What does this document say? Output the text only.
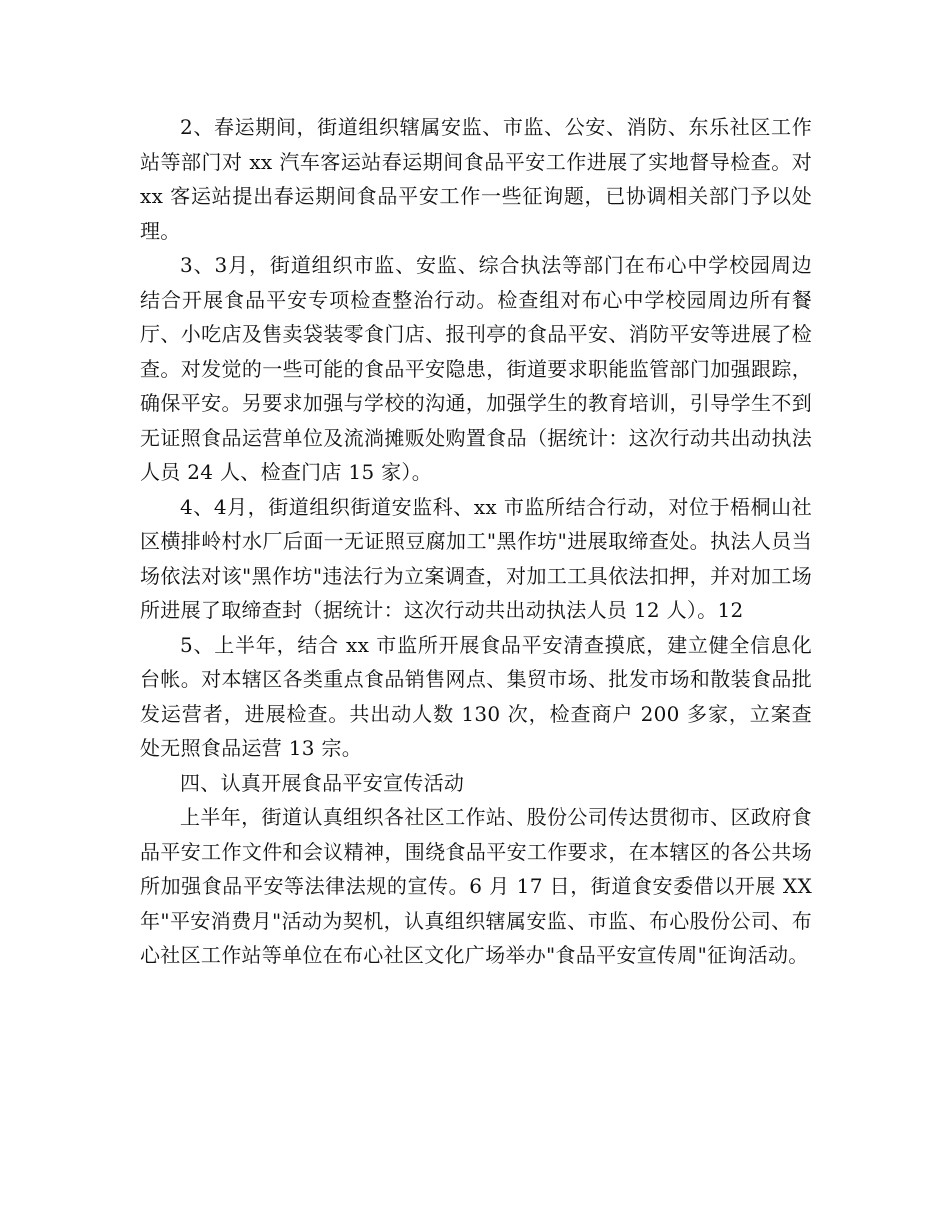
2、春运期间，街道组织辖属安监、市监、公安、消防、东乐社区工作站等部门对 xx 汽车客运站春运期间食品平安工作进展了实地督导检查。对 xx 客运站提出春运期间食品平安工作一些征询题，已协调相关部门予以处理。

3、3月，街道组织市监、安监、综合执法等部门在布心中学校园周边结合开展食品平安专项检查整治行动。检查组对布心中学校园周边所有餐厅、小吃店及售卖袋装零食门店、报刊亭的食品平安、消防平安等进展了检查。对发觉的一些可能的食品平安隐患，街道要求职能监管部门加强跟踪，确保平安。另要求加强与学校的沟通，加强学生的教育培训，引导学生不到无证照食品运营单位及流淌摊贩处购置食品（据统计：这次行动共出动执法人员 24 人、检查门店 15 家）。

4、4月，街道组织街道安监科、xx 市监所结合行动，对位于梧桐山社区横排岭村水厂后面一无证照豆腐加工"黑作坊"进展取缔查处。执法人员当场依法对该"黑作坊"违法行为立案调查，对加工工具依法扣押，并对加工场所进展了取缔查封（据统计：这次行动共出动执法人员 12 人）。12

5、上半年，结合 xx 市监所开展食品平安清查摸底，建立健全信息化台帐。对本辖区各类重点食品销售网点、集贸市场、批发市场和散装食品批发运营者，进展检查。共出动人数 130 次，检查商户 200 多家，立案查处无照食品运营 13 宗。

四、认真开展食品平安宣传活动

上半年，街道认真组织各社区工作站、股份公司传达贯彻市、区政府食品平安工作文件和会议精神，围绕食品平安工作要求，在本辖区的各公共场所加强食品平安等法律法规的宣传。6 月 17 日，街道食安委借以开展 XX 年"平安消费月"活动为契机，认真组织辖属安监、市监、布心股份公司、布心社区工作站等单位在布心社区文化广场举办"食品平安宣传周"征询活动。
